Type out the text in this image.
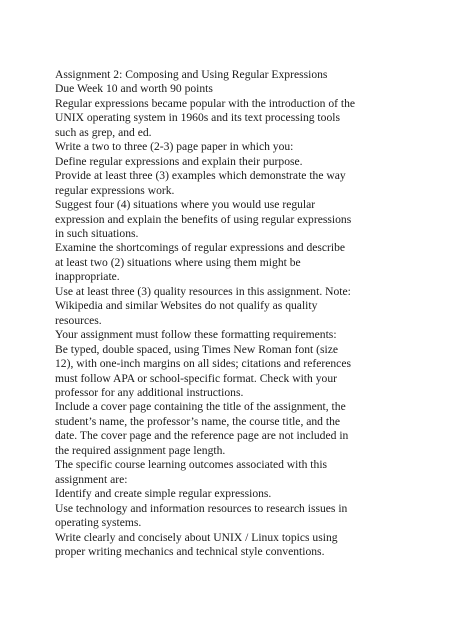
Assignment 2: Composing and Using Regular Expressions
Due Week 10 and worth 90 points
Regular expressions became popular with the introduction of the
UNIX operating system in 1960s and its text processing tools
such as grep, and ed.
Write a two to three (2-3) page paper in which you:
Define regular expressions and explain their purpose.
Provide at least three (3) examples which demonstrate the way
regular expressions work.
Suggest four (4) situations where you would use regular
expression and explain the benefits of using regular expressions
in such situations.
Examine the shortcomings of regular expressions and describe
at least two (2) situations where using them might be
inappropriate.
Use at least three (3) quality resources in this assignment. Note:
Wikipedia and similar Websites do not qualify as quality
resources.
Your assignment must follow these formatting requirements:
Be typed, double spaced, using Times New Roman font (size
12), with one-inch margins on all sides; citations and references
must follow APA or school-specific format. Check with your
professor for any additional instructions.
Include a cover page containing the title of the assignment, the
student’s name, the professor’s name, the course title, and the
date. The cover page and the reference page are not included in
the required assignment page length.
The specific course learning outcomes associated with this
assignment are:
Identify and create simple regular expressions.
Use technology and information resources to research issues in
operating systems.
Write clearly and concisely about UNIX / Linux topics using
proper writing mechanics and technical style conventions.
